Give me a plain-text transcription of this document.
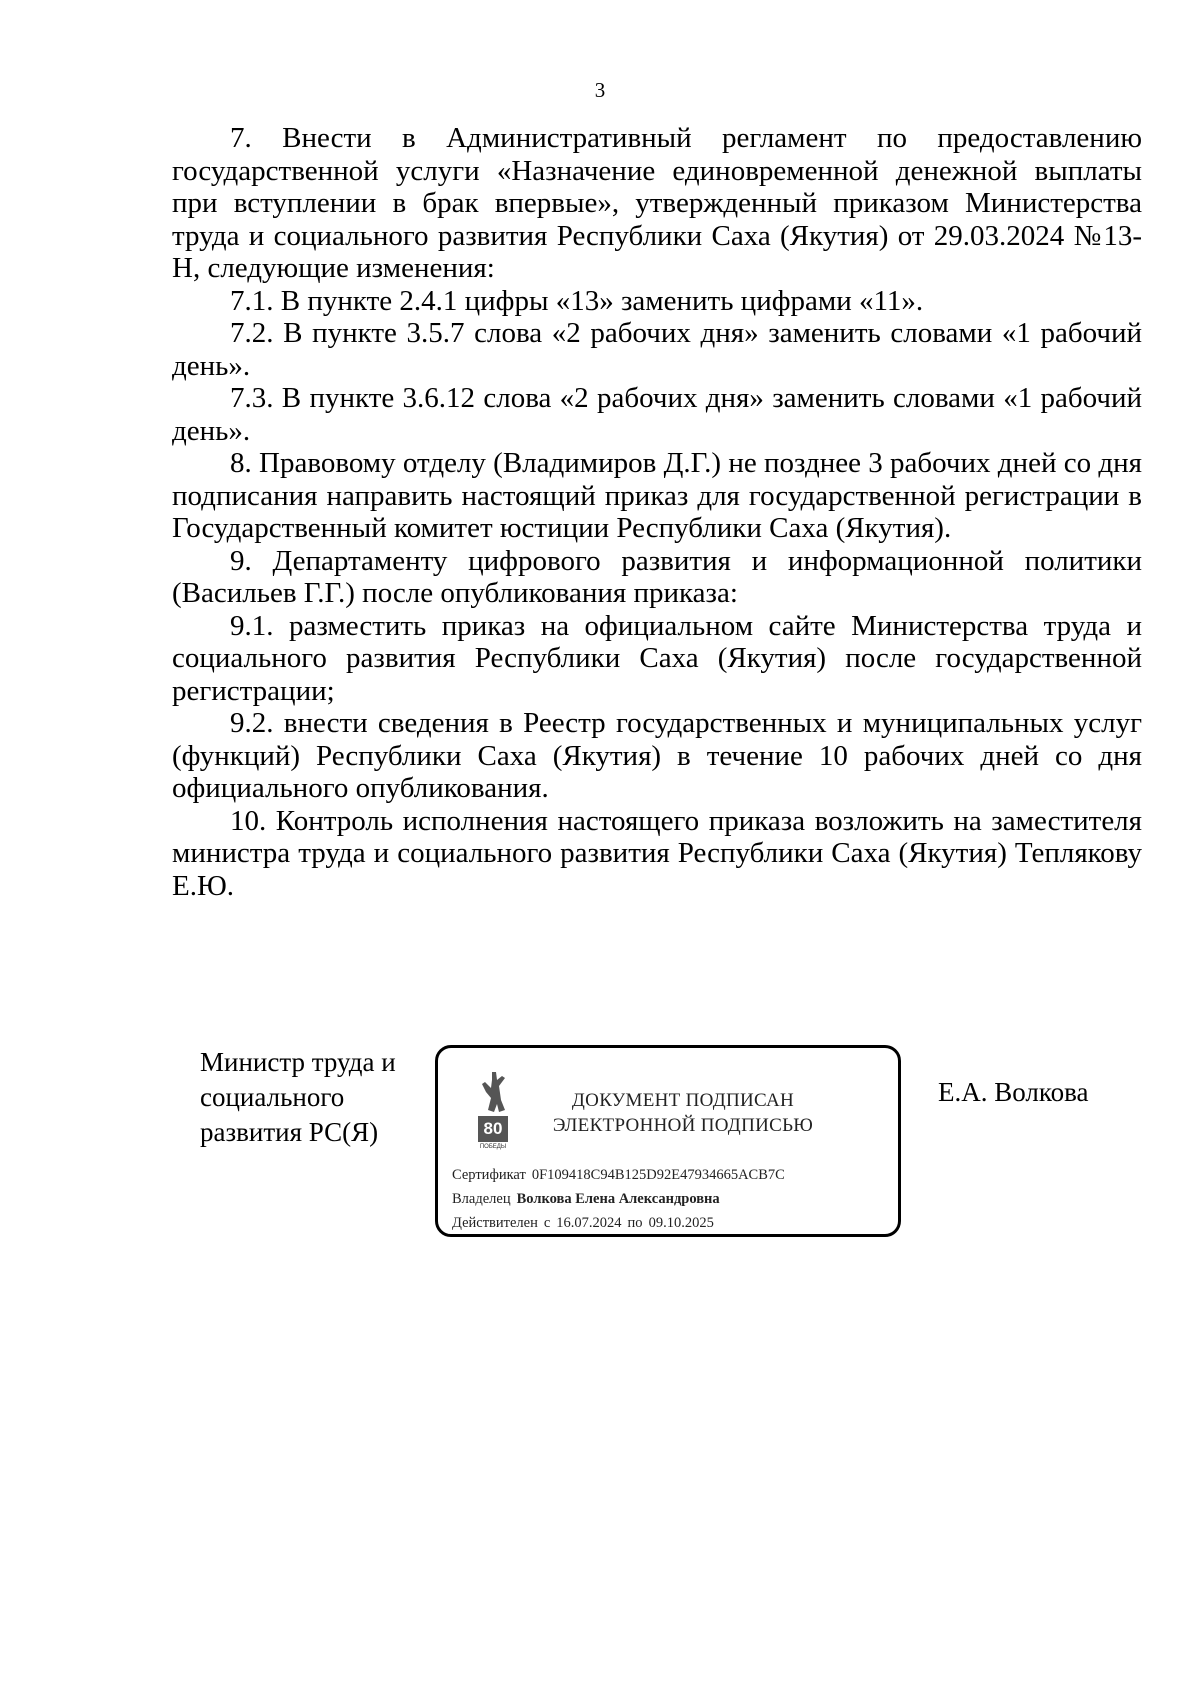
3

7. Внести в Административный регламент по предоставлению государственной услуги «Назначение единовременной денежной выплаты при вступлении в брак впервые», утвержденный приказом Министерства труда и социального развития Республики Саха (Якутия) от 29.03.2024 №13-Н, следующие изменения:

7.1. В пункте 2.4.1 цифры «13» заменить цифрами «11».

7.2. В пункте 3.5.7 слова «2 рабочих дня» заменить словами «1 рабочий день».

7.3. В пункте 3.6.12 слова «2 рабочих дня» заменить словами «1 рабочий день».

8. Правовому отделу (Владимиров Д.Г.) не позднее 3 рабочих дней со дня подписания направить настоящий приказ для государственной регистрации в Государственный комитет юстиции Республики Саха (Якутия).

9. Департаменту цифрового развития и информационной политики (Васильев Г.Г.) после опубликования приказа:

9.1. разместить приказ на официальном сайте Министерства труда и социального развития Республики Саха (Якутия) после государственной регистрации;

9.2. внести сведения в Реестр государственных и муниципальных услуг (функций) Республики Саха (Якутия) в течение 10 рабочих дней со дня официального опубликования.

10. Контроль исполнения настоящего приказа возложить на заместителя министра труда и социального развития Республики Саха (Якутия) Теплякову Е.Ю.

Министр труда и
социального
развития РС(Я)	80
ПОБЕДЫ
ДОКУМЕНТ ПОДПИСАН
ЭЛЕКТРОННОЙ ПОДПИСЬЮ
Сертификат 0F109418C94B125D92E47934665ACB7C
Владелец Волкова Елена Александровна
Действителен с 16.07.2024 по 09.10.2025
Е.А. Волкова
